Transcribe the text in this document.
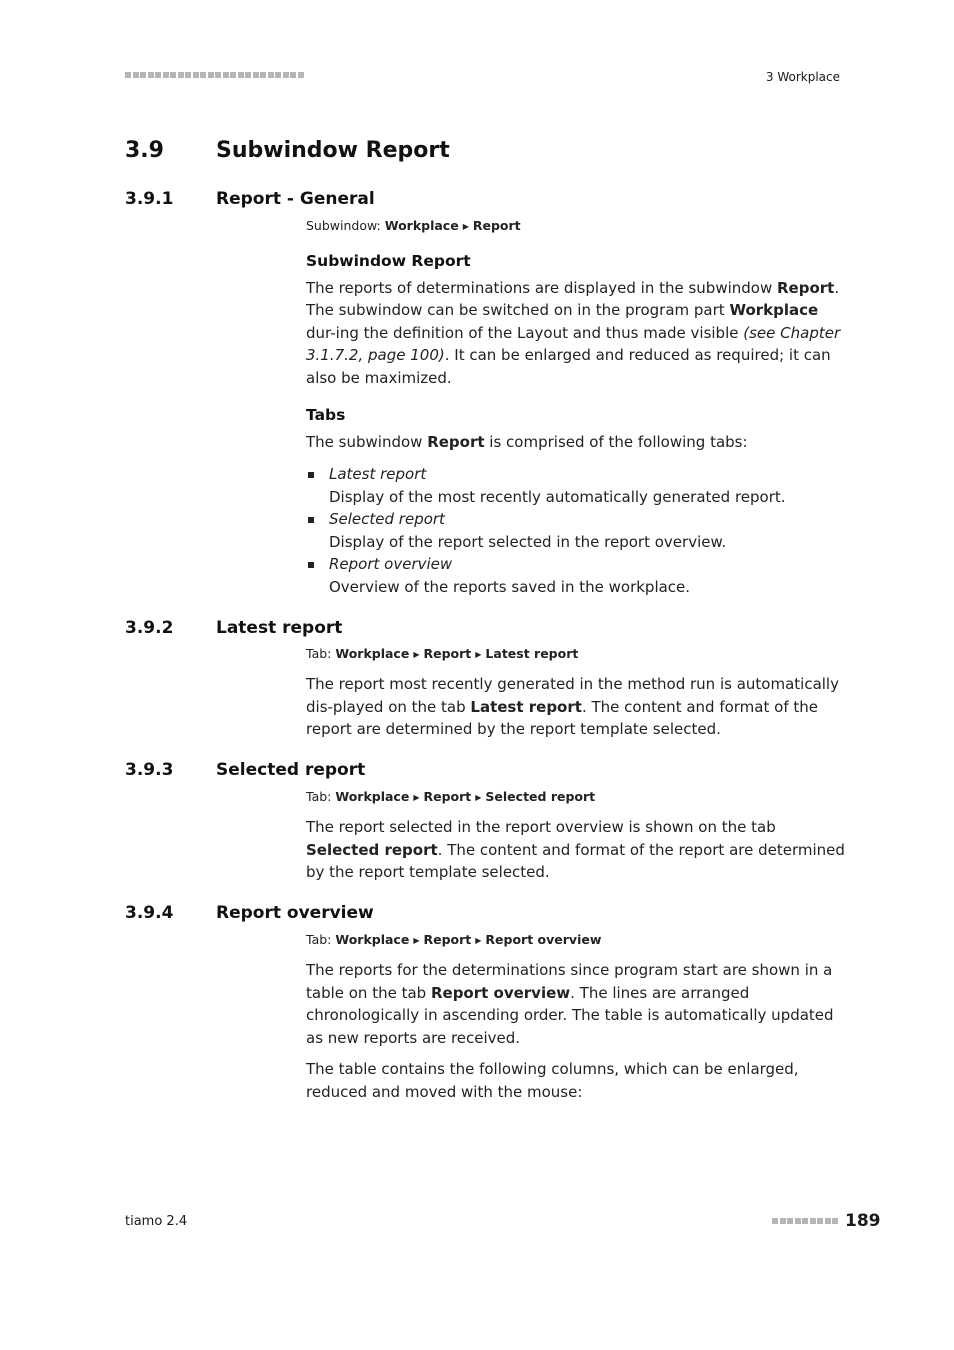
3 Workplace
3.9 Subwindow Report
3.9.1	Report - General
Subwindow: Workplace ▶ Report

Subwindow Report

The reports of determinations are displayed in the subwindow Report. The subwindow can be switched on in the program part Workplace dur-ing the definition of the Layout and thus made visible (see Chapter 3.1.7.2, page 100). It can be enlarged and reduced as required; it can also be maximized.

Tabs

The subwindow Report is comprised of the following tabs:

Latest report
Display of the most recently automatically generated report.
Selected report
Display of the report selected in the report overview.
Report overview
Overview of the reports saved in the workplace.
3.9.2	Latest report
Tab: Workplace ▶ Report ▶ Latest report

The report most recently generated in the method run is automatically dis-played on the tab Latest report. The content and format of the report are determined by the report template selected.

3.9.3	Selected report
Tab: Workplace ▶ Report ▶ Selected report

The report selected in the report overview is shown on the tab Selected report. The content and format of the report are determined by the report template selected.

3.9.4	Report overview
Tab: Workplace ▶ Report ▶ Report overview

The reports for the determinations since program start are shown in a table on the tab Report overview. The lines are arranged chronologically in ascending order. The table is automatically updated as new reports are received.

The table contains the following columns, which can be enlarged, reduced and moved with the mouse:

tiamo 2.4	189
